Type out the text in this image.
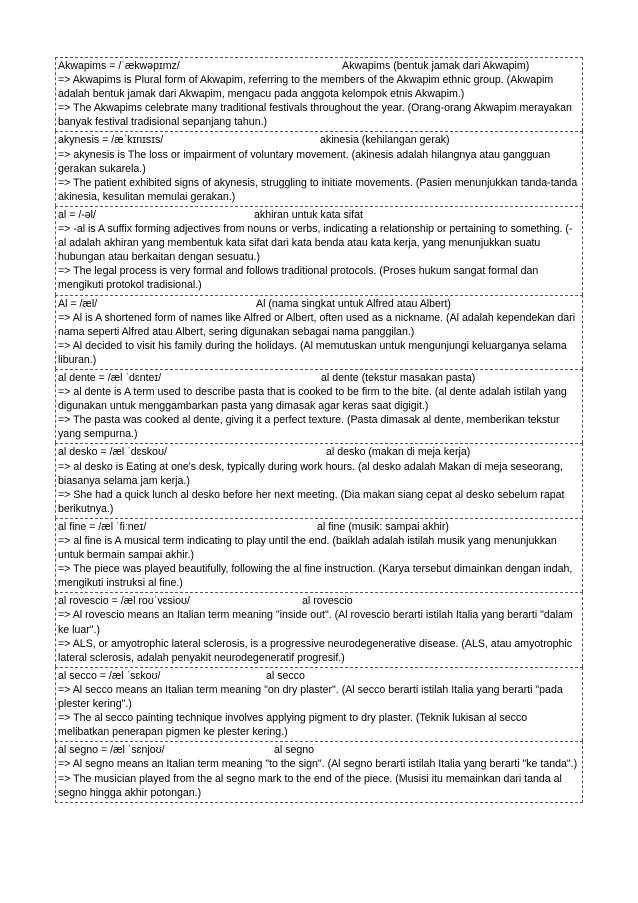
Akwapims = /ˈækwəpɪmz/	Akwapims (bentuk jamak dari Akwapim)
=> Akwapims is Plural form of Akwapim, referring to the members of the Akwapim ethnic group. (Akwapim adalah bentuk jamak dari Akwapim, mengacu pada anggota kelompok etnis Akwapim.)
=> The Akwapims celebrate many traditional festivals throughout the year. (Orang-orang Akwapim merayakan banyak festival tradisional sepanjang tahun.)
akynesis = /æˈkɪnɪsɪs/	akinesia (kehilangan gerak)
=> akynesis is The loss or impairment of voluntary movement. (akinesis adalah hilangnya atau gangguan gerakan sukarela.)
=> The patient exhibited signs of akynesis, struggling to initiate movements. (Pasien menunjukkan tanda-tanda akinesia, kesulitan memulai gerakan.)
al = /-əl/	akhiran untuk kata sifat
=> -al is A suffix forming adjectives from nouns or verbs, indicating a relationship or pertaining to something. (-al adalah akhiran yang membentuk kata sifat dari kata benda atau kata kerja, yang menunjukkan suatu hubungan atau berkaitan dengan sesuatu.)
=> The legal process is very formal and follows traditional protocols. (Proses hukum sangat formal dan mengikuti protokol tradisional.)
Al = /æl/	Al (nama singkat untuk Alfred atau Albert)
=> Al is A shortened form of names like Alfred or Albert, often used as a nickname. (Al adalah kependekan dari nama seperti Alfred atau Albert, sering digunakan sebagai nama panggilan.)
=> Al decided to visit his family during the holidays. (Al memutuskan untuk mengunjungi keluarganya selama liburan.)
al dente = /æl ˈdɛnteɪ/	al dente (tekstur masakan pasta)
=> al dente is A term used to describe pasta that is cooked to be firm to the bite. (al dente adalah istilah yang digunakan untuk menggambarkan pasta yang dimasak agar keras saat digigit.)
=> The pasta was cooked al dente, giving it a perfect texture. (Pasta dimasak al dente, memberikan tekstur yang sempurna.)
al desko = /æl ˈdɛskoʊ/	al desko (makan di meja kerja)
=> al desko is Eating at one's desk, typically during work hours. (al desko adalah Makan di meja seseorang, biasanya selama jam kerja.)
=> She had a quick lunch al desko before her next meeting. (Dia makan siang cepat al desko sebelum rapat berikutnya.)
al fine = /æl ˈfiːneɪ/	al fine (musik: sampai akhir)
=> al fine is A musical term indicating to play until the end. (baiklah adalah istilah musik yang menunjukkan untuk bermain sampai akhir.)
=> The piece was played beautifully, following the al fine instruction. (Karya tersebut dimainkan dengan indah, mengikuti instruksi al fine.)
al rovescio = /æl roʊˈvɛsioʊ/	al rovescio
=> Al rovescio means an Italian term meaning "inside out". (Al rovescio berarti istilah Italia yang berarti "dalam ke luar".)
=> ALS, or amyotrophic lateral sclerosis, is a progressive neurodegenerative disease. (ALS, atau amyotrophic lateral sclerosis, adalah penyakit neurodegeneratif progresif.)
al secco = /æl ˈsɛkoʊ/	al secco
=> Al secco means an Italian term meaning "on dry plaster". (Al secco berarti istilah Italia yang berarti "pada plester kering".)
=> The al secco painting technique involves applying pigment to dry plaster. (Teknik lukisan al secco melibatkan penerapan pigmen ke plester kering.)
al segno = /æl ˈsɛnjoʊ/	al segno
=> Al segno means an Italian term meaning "to the sign". (Al segno berarti istilah Italia yang berarti "ke tanda".)
=> The musician played from the al segno mark to the end of the piece. (Musisi itu memainkan dari tanda al segno hingga akhir potongan.)
